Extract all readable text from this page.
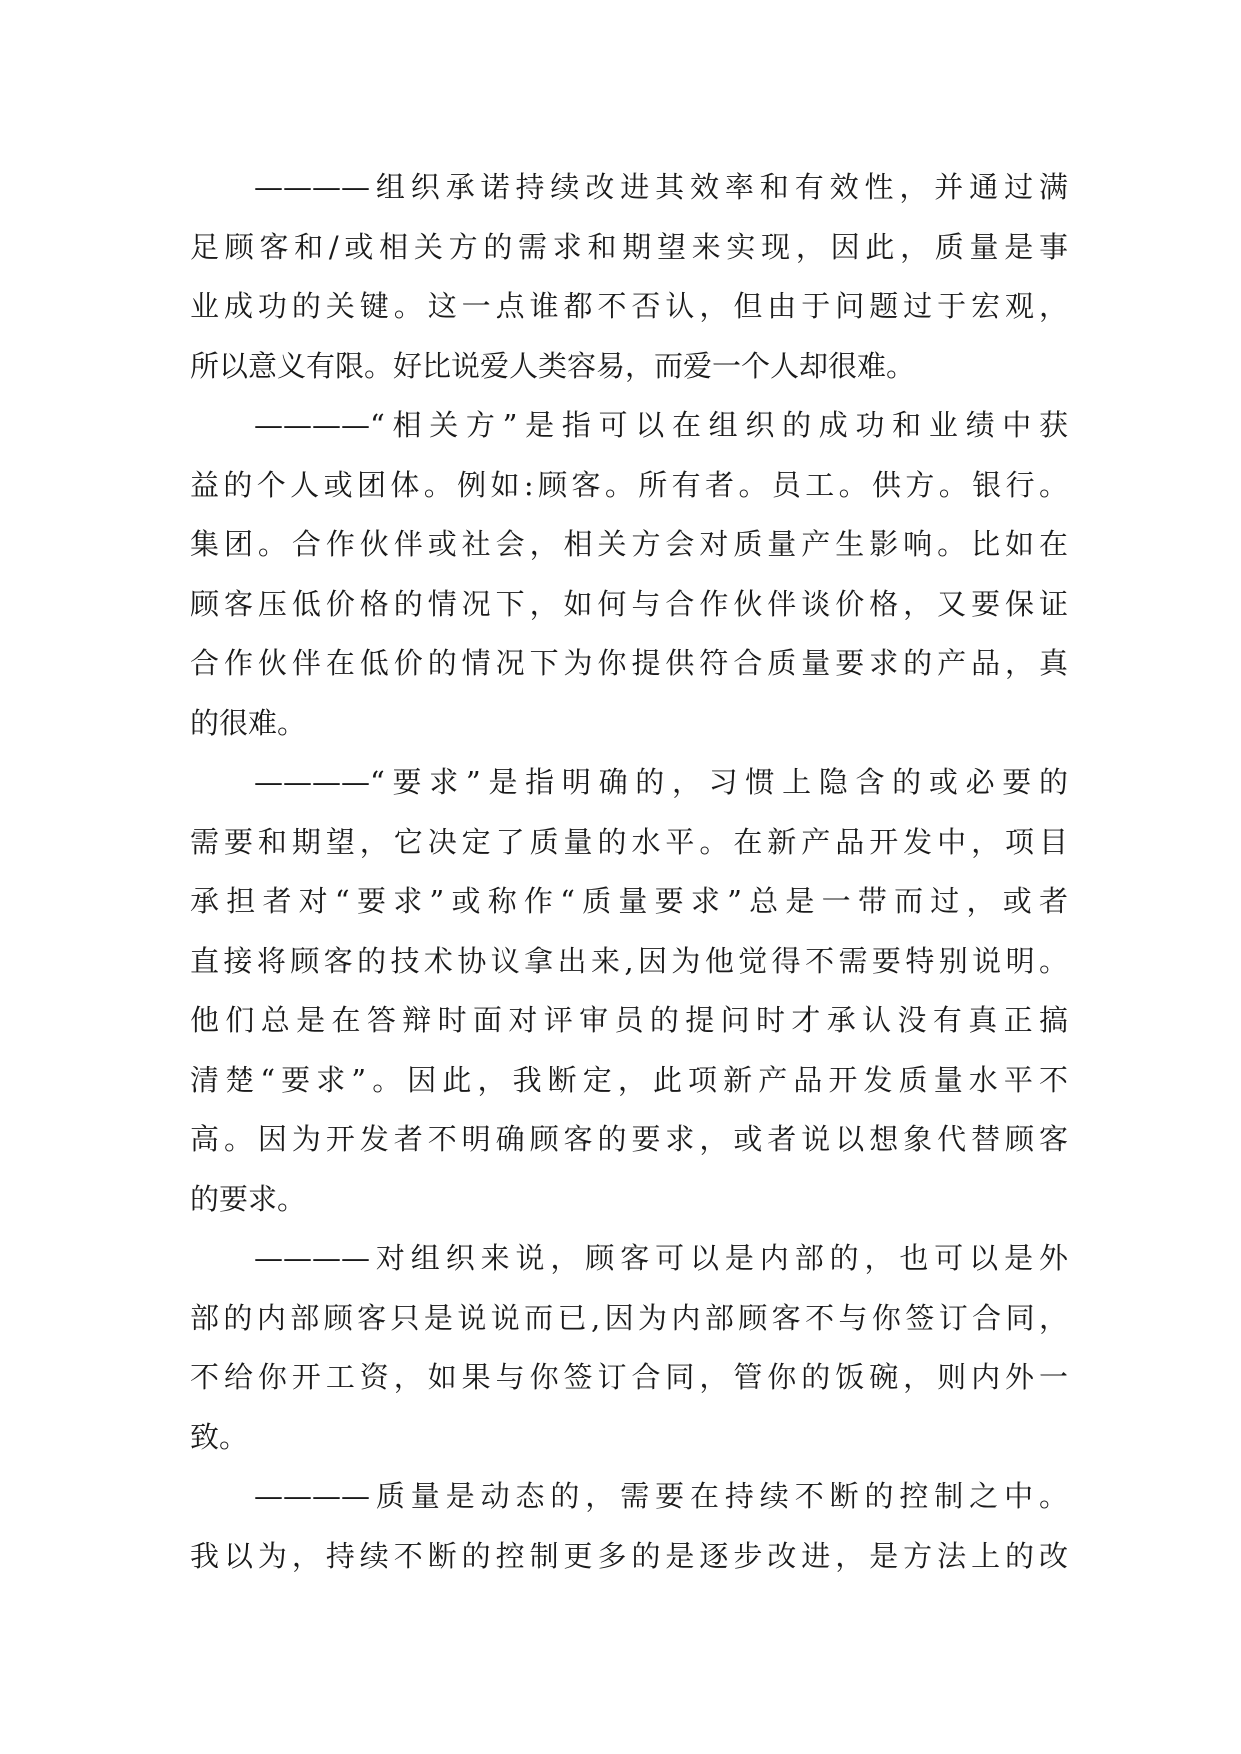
————组织承诺持续改进其效率和有效性，并通过满
足顾客和/或相关方的需求和期望来实现，因此，质量是事
业成功的关键。这一点谁都不否认，但由于问题过于宏观，
所以意义有限。好比说爱人类容易，而爱一个人却很难。
————“相关方”是指可以在组织的成功和业绩中获
益的个人或团体。例如:顾客。所有者。员工。供方。银行。
集团。合作伙伴或社会，相关方会对质量产生影响。比如在
顾客压低价格的情况下，如何与合作伙伴谈价格，又要保证
合作伙伴在低价的情况下为你提供符合质量要求的产品，真
的很难。
————“要求”是指明确的，习惯上隐含的或必要的
需要和期望，它决定了质量的水平。在新产品开发中，项目
承担者对“要求”或称作“质量要求”总是一带而过，或者
直接将顾客的技术协议拿出来,因为他觉得不需要特别说明。
他们总是在答辩时面对评审员的提问时才承认没有真正搞
清楚“要求”。因此，我断定，此项新产品开发质量水平不
高。因为开发者不明确顾客的要求，或者说以想象代替顾客
的要求。
————对组织来说，顾客可以是内部的，也可以是外
部的内部顾客只是说说而已,因为内部顾客不与你签订合同，
不给你开工资，如果与你签订合同，管你的饭碗，则内外一
致。
————质量是动态的，需要在持续不断的控制之中。
我以为，持续不断的控制更多的是逐步改进，是方法上的改
